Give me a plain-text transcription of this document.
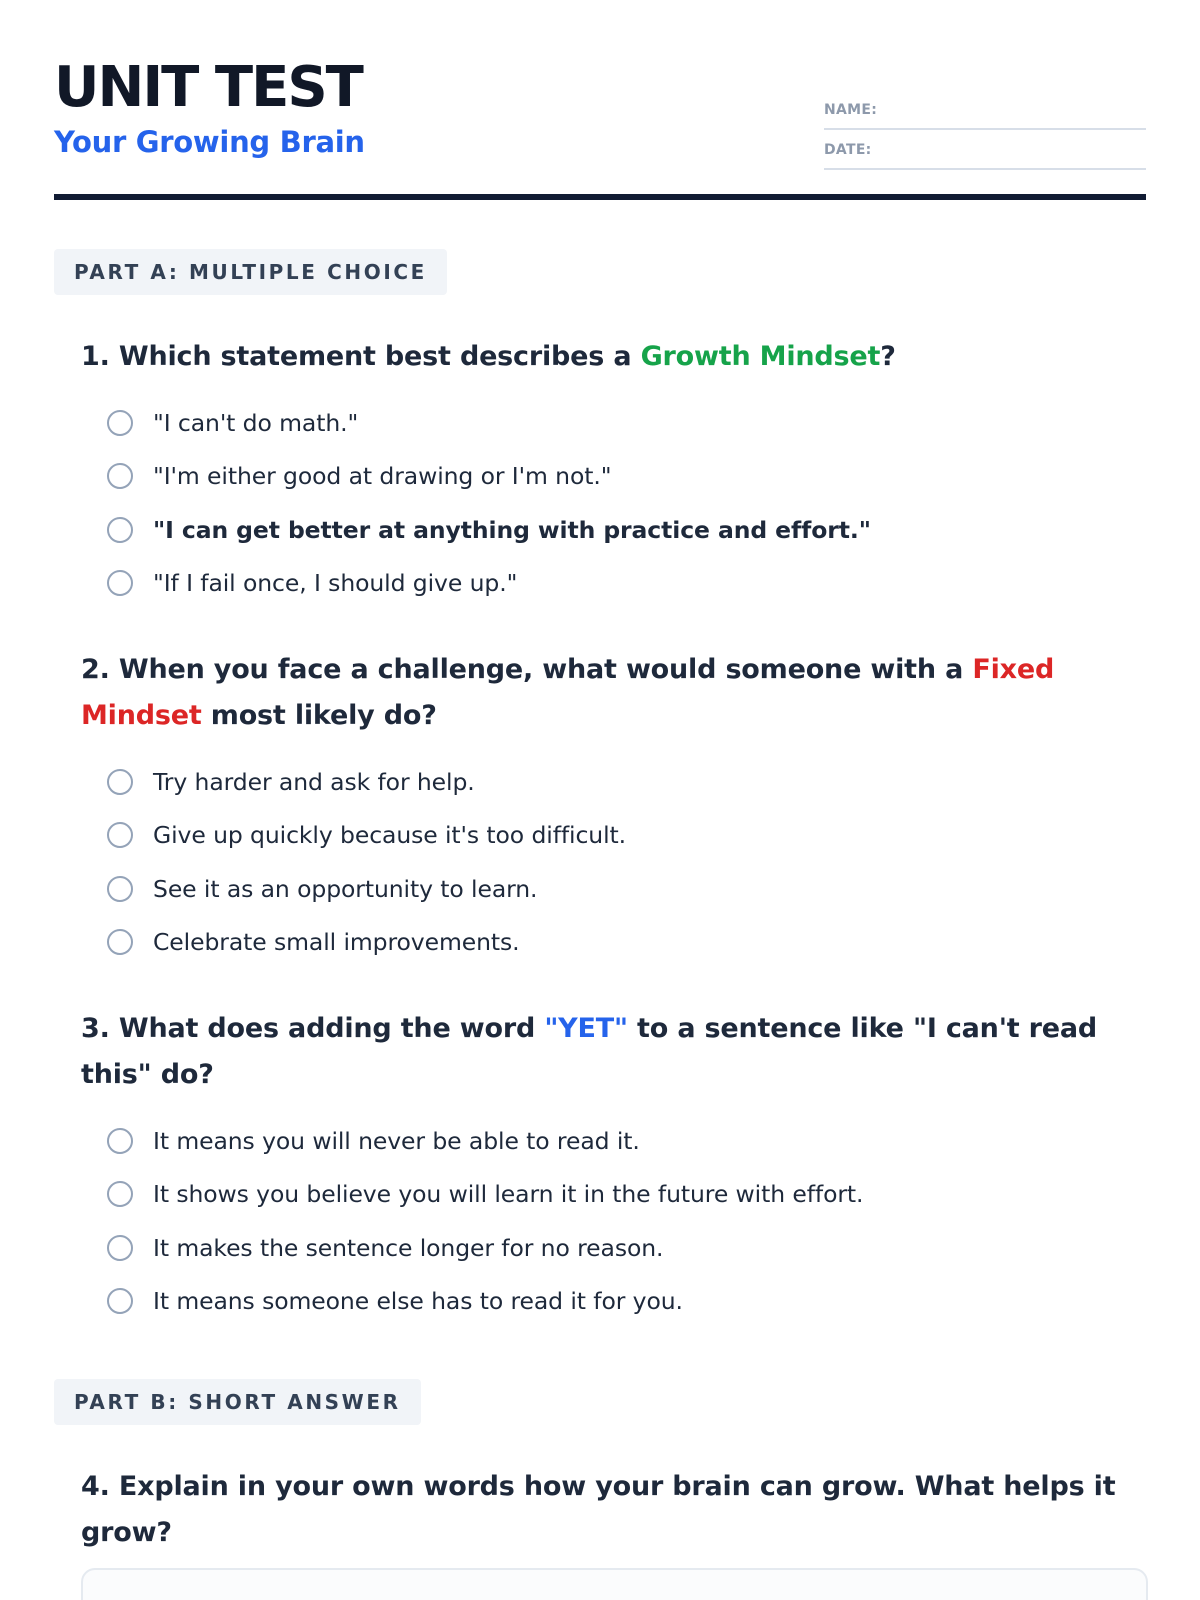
UNIT TEST
Your Growing Brain
NAME:
DATE:
PART A: MULTIPLE CHOICE
1. Which statement best describes a Growth Mindset?
"I can't do math."
"I'm either good at drawing or I'm not."
"I can get better at anything with practice and effort."
"If I fail once, I should give up."
2. When you face a challenge, what would someone with a Fixed Mindset most likely do?
Try harder and ask for help.
Give up quickly because it's too difficult.
See it as an opportunity to learn.
Celebrate small improvements.
3. What does adding the word "YET" to a sentence like "I can't read this" do?
It means you will never be able to read it.
It shows you believe you will learn it in the future with effort.
It makes the sentence longer for no reason.
It means someone else has to read it for you.
PART B: SHORT ANSWER
4. Explain in your own words how your brain can grow. What helps it grow?
